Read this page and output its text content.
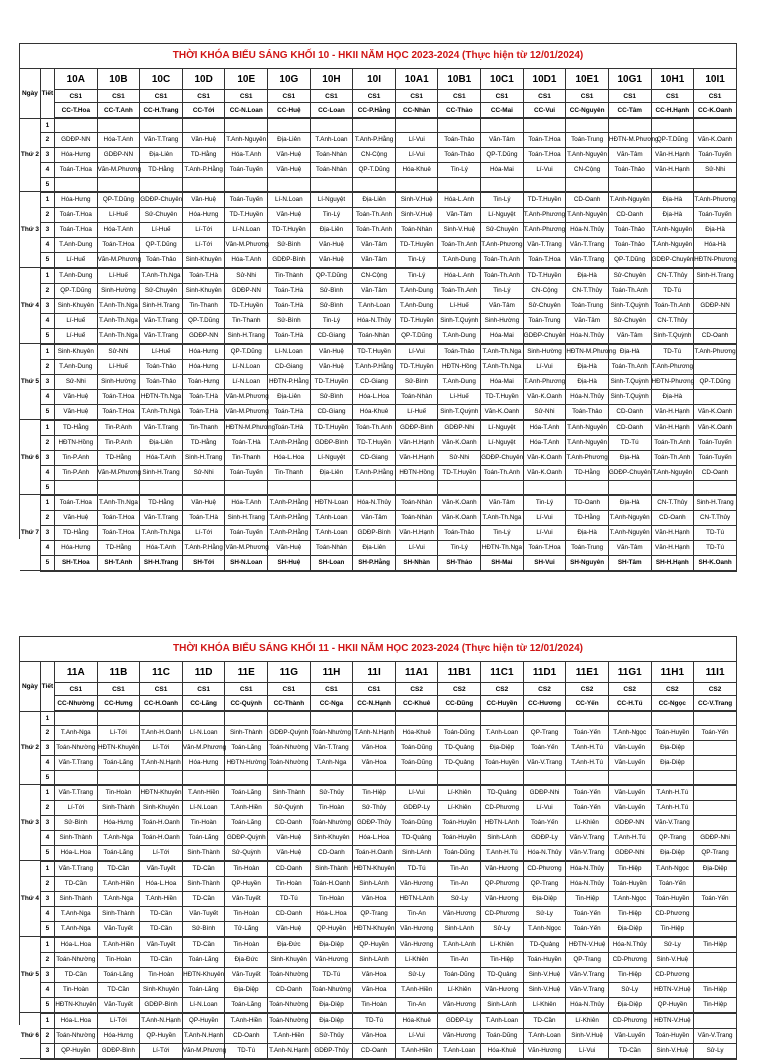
THỜI KHÓA BIỂU SÁNG KHỐI 10 - HKII NĂM HỌC 2023-2024 (Thực hiện từ 12/01/2024)
Ngày	Tiết	10A	10B	10C	10D	10E	10G	10H	10I	10A1	10B1	10C1	10D1	10E1	10G1	10H1	10I1
		CS1	CS1	CS1	CS1	CS1	CS1	CS1	CS1	CS1	CS1	CS1	CS1	CS1	CS1	CS1	CS1
		CC-T.Hoa	CC-T.Anh	CC-H.Trang	CC-Tới	CC-N.Loan	CC-Huệ	CC-Loan	CC-P.Hằng	CC-Nhàn	CC-Thảo	CC-Mai	CC-Vui	CC-Nguyên	CC-Tâm	CC-H.Hạnh	CC-K.Oanh
Thứ 2	1																
	2	GDĐP-NN	Hóa-T.Anh	Văn-T.Trang	Văn-Huệ	T.Anh-Nguyên	Địa-Liên	T.Anh-Loan	T.Anh-P.Hằng	Lí-Vui	Toán-Thảo	Văn-Tâm	Toán-T.Hoa	Toán-Trung	HĐTN-M.Phương	QP-T.Dũng	Văn-K.Oanh
	3	Hóa-Hưng	GDĐP-NN	Địa-Liên	TD-Hằng	Hóa-T.Anh	Văn-Huệ	Toán-Nhàn	CN-Cộng	Lí-Vui	Toán-Thảo	QP-T.Dũng	Toán-T.Hoa	T.Anh-Nguyên	Văn-Tâm	Văn-H.Hạnh	Toán-Tuyến
	4	Toán-T.Hoa	Văn-M.Phương	TD-Hằng	T.Anh-P.Hằng	Toán-Tuyến	Văn-Huệ	Toán-Nhàn	QP-T.Dũng	Hóa-Khuê	Tin-Lý	Hóa-Mai	Lí-Vui	CN-Cộng	Toán-Thảo	Văn-H.Hạnh	Sử-Nhi
	5																
Thứ 3	1	Hóa-Hưng	QP-T.Dũng	GDĐP-Chuyên	Văn-Huệ	Toán-Tuyến	Lí-N.Loan	Lí-Nguyệt	Địa-Liên	Sinh-V.Huệ	Hóa-L.Anh	Tin-Lý	TD-T.Huyền	CD-Oanh	T.Anh-Nguyên	Địa-Hà	T.Anh-Phương
	2	Toán-T.Hoa	Lí-Huế	Sử-Chuyên	Hóa-Hưng	TD-T.Huyền	Văn-Huệ	Tin-Lý	Toán-Th.Anh	Sinh-V.Huệ	Văn-Tâm	Lí-Nguyệt	T.Anh-Phương	T.Anh-Nguyên	CD-Oanh	Địa-Hà	Toán-Tuyến
	3	Toán-T.Hoa	Hóa-T.Anh	Lí-Huế	Lí-Tới	Lí-N.Loan	TD-T.Huyền	Địa-Liên	Toán-Th.Anh	Toán-Nhàn	Sinh-V.Huệ	Sử-Chuyên	T.Anh-Phương	Hóa-N.Thủy	Toán-Thảo	T.Anh-Nguyên	Địa-Hà
	4	T.Anh-Dung	Toán-T.Hoa	QP-T.Dũng	Lí-Tới	Văn-M.Phương	Sử-Bình	Văn-Huệ	Văn-Tâm	TD-T.Huyền	Toán-Th.Anh	T.Anh-Phương	Văn-T.Trang	Văn-T.Trang	Toán-Thảo	T.Anh-Nguyên	Hóa-Hà
	5	Lí-Huế	Văn-M.Phương	Toán-Thảo	Sinh-Khuyên	Hóa-T.Anh	GDĐP-Bình	Văn-Huệ	Văn-Tâm	Tin-Lý	T.Anh-Dung	Toán-Th.Anh	Toán-T.Hoa	Văn-T.Trang	QP-T.Dũng	GDĐP-Chuyên	HĐTN-Phương
Thứ 4	1	T.Anh-Dung	Lí-Huế	T.Anh-Th.Nga	Toán-T.Hà	Sử-Nhi	Tin-Thành	QP-T.Dũng	CN-Cộng	Tin-Lý	Hóa-L.Anh	Toán-Th.Anh	TD-T.Huyền	Địa-Hà	Sử-Chuyên	CN-T.Thủy	Sinh-H.Trang
	2	QP-T.Dũng	Sinh-Hường	Sử-Chuyên	Sinh-Khuyên	GDĐP-NN	Toán-T.Hà	Sử-Bình	Văn-Tâm	T.Anh-Dung	Toán-Th.Anh	Tin-Lý	CN-Cộng	CN-T.Thủy	Toán-Th.Anh	TD-Tú	
	3	Sinh-Khuyên	T.Anh-Th.Nga	Sinh-H.Trang	Tin-Thanh	TD-T.Huyền	Toán-T.Hà	Sử-Bình	T.Anh-Loan	T.Anh-Dung	Lí-Huế	Văn-Tâm	Sử-Chuyên	Toán-Trung	Sinh-T.Quỳnh	Toán-Th.Anh	GDĐP-NN
	4	Lí-Huế	T.Anh-Th.Nga	Văn-T.Trang	QP-T.Dũng	Tin-Thanh	Sử-Bình	Tin-Lý	Hóa-N.Thủy	TD-T.Huyền	Sinh-T.Quỳnh	Sinh-Hường	Toán-Trung	Văn-Tâm	Sử-Chuyên	CN-T.Thủy	
	5	Lí-Huế	T.Anh-Th.Nga	Văn-T.Trang	GDĐP-NN	Sinh-H.Trang	Toán-T.Hà	CD-Giang	Toán-Nhàn	QP-T.Dũng	T.Anh-Dung	Hóa-Mai	GDĐP-Chuyên	Hóa-N.Thủy	Văn-Tâm	Sinh-T.Quỳnh	CD-Oanh
Thứ 5	1	Sinh-Khuyên	Sử-Nhi	Lí-Huế	Hóa-Hưng	QP-T.Dũng	Lí-N.Loan	Văn-Huệ	TD-T.Huyền	Lí-Vui	Toán-Thảo	T.Anh-Th.Nga	Sinh-Hường	HĐTN-M.Phương	Địa-Hà	TD-Tú	T.Anh-Phương
	2	T.Anh-Dung	Lí-Huế	Toán-Thảo	Hóa-Hưng	Lí-N.Loan	CD-Giang	Văn-Huệ	T.Anh-P.Hằng	TD-T.Huyền	HĐTN-Hồng	T.Anh-Th.Nga	Lí-Vui	Địa-Hà	Toán-Th.Anh	T.Anh-Phương	
	3	Sử-Nhi	Sinh-Hường	Toán-Thảo	Toán-Hưng	Lí-N.Loan	HĐTN-P.Hằng	TD-T.Huyền	CD-Giang	Sử-Bình	T.Anh-Dung	Hóa-Mai	T.Anh-Phương	Địa-Hà	Sinh-T.Quỳnh	HĐTN-Phương	QP-T.Dũng
	4	Văn-Huệ	Toán-T.Hoa	HĐTN-Th.Nga	Toán-T.Hà	Văn-M.Phương	Địa-Liên	Sử-Bình	Hóa-L.Hoa	Toán-Nhàn	Lí-Huế	TD-T.Huyền	Văn-K.Oanh	Hóa-N.Thủy	Sinh-T.Quỳnh	Địa-Hà	
	5	Văn-Huệ	Toán-T.Hoa	T.Anh-Th.Ngà	Toán-T.Hà	Văn-M.Phương	Toán-T.Hà	CD-Giang	Hóa-Khuê	Lí-Huế	Sinh-T.Quỳnh	Văn-K.Oanh	Sử-Nhi	Toán-Thảo	CD-Oanh	Văn-H.Hạnh	Văn-K.Oanh
Thứ 6	1	TD-Hằng	Tin-P.Anh	Văn-T.Trang	Tin-Thanh	HĐTN-M.Phương	Toán-T.Hà	TD-T.Huyền	Toán-Th.Anh	GDĐP-Bình	GDĐP-Nhi	Lí-Nguyệt	Hóa-T.Anh	T.Anh-Nguyên	CD-Oanh	Văn-H.Hạnh	Văn-K.Oanh
	2	HĐTN-Hồng	Tin-P.Anh	Địa-Liên	TD-Hằng	Toán-T.Hà	T.Anh-P.Hằng	GDĐP-Bình	TD-T.Huyền	Văn-H.Hạnh	Văn-K.Oanh	Lí-Nguyệt	Hóa-T.Anh	T.Anh-Nguyên	TD-Tú	Toán-Th.Anh	Toán-Tuyến
	3	Tin-P.Anh	TD-Hằng	Hóa-T.Anh	Sinh-H.Trang	Tin-Thanh	Hóa-L.Hoa	Lí-Nguyệt	CD-Giang	Văn-H.Hạnh	Sử-Nhi	GDĐP-Chuyên	Văn-K.Oanh	T.Anh-Phương	Địa-Hà	Toán-Th.Anh	Toán-Tuyến
	4	Tin-P.Anh	Văn-M.Phương	Sinh-H.Trang	Sử-Nhi	Toán-Tuyến	Tin-Thanh	Địa-Liên	T.Anh-P.Hằng	HĐTN-Hồng	TD-T.Huyền	Toán-Th.Anh	Văn-K.Oanh	TD-Hằng	GDĐP-Chuyên	T.Anh-Nguyên	CD-Oanh
	5																
Thứ 7	1	Toán-T.Hoa	T.Anh-Th.Nga	TD-Hằng	Văn-Huệ	Hóa-T.Anh	T.Anh-P.Hằng	HĐTN-Loan	Hóa-N.Thủy	Toán-Nhàn	Văn-K.Oanh	Văn-Tâm	Tin-Lý	TD-Oanh	Địa-Hà	CN-T.Thủy	Sinh-H.Trang
	2	Văn-Huệ	Toán-T.Hoa	Văn-T.Trang	Toán-T.Hà	Sinh-H.Trang	T.Anh-P.Hằng	T.Anh-Loan	Văn-Tâm	Toán-Nhàn	Văn-K.Oanh	T.Anh-Th.Nga	Lí-Vui	TD-Hằng	T.Anh-Nguyên	CD-Oanh	CN-T.Thủy
	3	TD-Hằng	Toán-T.Hoa	T.Anh-Th.Nga	Lí-Tới	Toán-Tuyến	T.Anh-P.Hằng	T.Anh-Loan	GDĐP-Bình	Văn-H.Hạnh	Toán-Thảo	Tin-Lý	Lí-Vui	Địa-Hà	T.Anh-Nguyên	Văn-H.Hạnh	TD-Tú
	4	Hóa-Hưng	TD-Hằng	Hóa-T.Anh	T.Anh-P.Hằng	Văn-M.Phương	Văn-Huệ	Toán-Nhàn	Địa-Liên	Lí-Vui	Tin-Lý	HĐTN-Th.Nga	Toán-T.Hoa	Toán-Trung	Văn-Tâm	Văn-H.Hạnh	TD-Tú
	5	SH-T.Hoa	SH-T.Anh	SH-H.Trang	SH-Tới	SH-N.Loan	SH-Huệ	SH-Loan	SH-P.Hằng	SH-Nhàn	SH-Thảo	SH-Mai	SH-Vui	SH-Nguyên	SH-Tâm	SH-H.Hạnh	SH-K.Oanh
THỜI KHÓA BIỂU SÁNG KHỐI 11 - HKII NĂM HỌC 2023-2024 (Thực hiện từ 12/01/2024)
Ngày	Tiết	11A	11B	11C	11D	11E	11G	11H	11I	11A1	11B1	11C1	11D1	11E1	11G1	11H1	11I1
		CS1	CS1	CS1	CS1	CS1	CS1	CS1	CS1	CS2	CS2	CS2	CS2	CS2	CS2	CS2	CS2
		CC-Nhường	CC-Hưng	CC-H.Oanh	CC-Lãng	CC-Quỳnh	CC-Thành	CC-Nga	CC-N.Hạnh	CC-Khuê	CC-Dũng	CC-Huyền	CC-Hương	CC-Yến	CC-H.Tú	CC-Ngọc	CC-V.Trang
Thứ 2	1																
	2	T.Anh-Nga	Lí-Tới	T.Anh-H.Oanh	Lí-N.Loan	Sinh-Thành	GDĐP-Quỳnh	Toán-Nhường	T.Anh-N.Hạnh	Hóa-Khuê	Toán-Dũng	T.Anh-Loan	QP-Trang	Toán-Yến	T.Anh-Ngọc	Toán-Huyền	Toán-Yến
	3	Toán-Nhường	HĐTN-Khuyên	Lí-Tới	Văn-M.Phương	Toán-Lãng	Toán-Nhường	Văn-T.Trang	Văn-Hoa	Toán-Dũng	TD-Quảng	Địa-Diệp	Toán-Yến	T.Anh-H.Tú	Văn-Luyến	Địa-Diệp	
	4	Văn-T.Trang	Toán-Lãng	T.Anh-N.Hạnh	Hóa-Hưng	HĐTN-Hường	Toán-Nhường	T.Anh-Nga	Văn-Hoa	Toán-Dũng	TD-Quảng	Toán-Huyền	Văn-V.Trang	T.Anh-H.Tú	Văn-Luyến	Địa-Diệp	
	5																
Thứ 3	1	Văn-T.Trang	Tin-Hoàn	HĐTN-Khuyên	T.Anh-Hiền	Toán-Lãng	Sinh-Thành	Sử-Thủy	Tin-Hiệp	Lí-Vui	Lí-Khiên	TD-Quảng	GDĐP-Nhi	Toán-Yến	Văn-Luyến	T.Anh-H.Tú	
	2	Lí-Tới	Sinh-Thành	Sinh-Khuyên	Lí-N.Loan	T.Anh-Hiền	Sử-Quỳnh	Tin-Hoàn	Sử-Thủy	GDĐP-Ly	Lí-Khiên	CD-Phương	Lí-Vui	Toán-Yến	Văn-Luyến	T.Anh-H.Tú	
	3	Sử-Bình	Hóa-Hưng	Toán-H.Oanh	Tin-Hoàn	Toán-Lãng	CD-Oanh	Toán-Nhường	GDĐP-Thủy	Toán-Dũng	Toán-Huyền	HĐTN-LAnh	Toán-Yến	Lí-Khiên	GDĐP-NN	Văn-V.Trang	
	4	Sinh-Thành	T.Anh-Nga	Toán-H.Oanh	Toán-Lãng	GDĐP-Quỳnh	Văn-Huệ	Sinh-Khuyên	Hóa-L.Hoa	TD-Quảng	Toán-Huyền	Sinh-LAnh	GDĐP-Ly	Văn-V.Trang	T.Anh-H.Tú	QP-Trang	GDĐP-Nhi
	5	Hóa-L.Hoa	Toán-Lãng	Lí-Tới	Sinh-Thành	Sử-Quỳnh	Văn-Huệ	CD-Oanh	Toán-H.Oanh	Sinh-LAnh	Toán-Dũng	T.Anh-H.Tú	Hóa-N.Thủy	Văn-V.Trang	GDĐP-Nhi	Địa-Diệp	QP-Trang
Thứ 4	1	Văn-T.Trang	TD-Cần	Văn-Tuyết	TD-Cần	Tin-Hoàn	CD-Oanh	Sinh-Thành	HĐTN-Khuyên	TD-Tú	Tin-An	Văn-Hương	CD-Phương	Hóa-N.Thủy	Tin-Hiệp	T.Anh-Ngọc	Địa-Diệp
	2	TD-Cần	T.Anh-Hiền	Hóa-L.Hoa	Sinh-Thành	QP-Huyền	Tin-Hoàn	Toán-H.Oanh	Sinh-LAnh	Văn-Hương	Tin-An	QP-Phương	QP-Trang	Hóa-N.Thủy	Toán-Huyền	Toán-Yến	
	3	Sinh-Thành	T.Anh-Nga	T.Anh-Hiền	TD-Cần	Văn-Tuyết	TD-Tú	Tin-Hoàn	Văn-Hoa	HĐTN-LAnh	Sử-Ly	Văn-Hương	Địa-Diệp	Tin-Hiệp	T.Anh-Ngọc	Toán-Huyền	Toán-Yến
	4	T.Anh-Nga	Sinh-Thành	TD-Cần	Văn-Tuyết	Tin-Hoàn	CD-Oanh	Hóa-L.Hoa	QP-Trang	Tin-An	Văn-Hương	CD-Phương	Sử-Ly	Toán-Yến	Tin-Hiệp	CD-Phương	
	5	T.Anh-Nga	Văn-Tuyết	TD-Cần	Sử-Bình	Tử-Lãng	Văn-Huệ	QP-Huyền	HĐTN-Khuyên	Văn-Hương	Sinh-LAnh	Sử-Ly	T.Anh-Ngọc	Toán-Yến	Địa-Diệp	Tin-Hiệp	
Thứ 5	1	Hóa-L.Hoa	T.Anh-Hiền	Văn-Tuyết	TD-Cần	Tin-Hoàn	Địa-Đức	Địa-Diệp	QP-Huyền	Văn-Hương	T.Anh-LAnh	Lí-Khiên	TD-Quảng	HĐTN-V.Huệ	Hóa-N.Thủy	Sử-Ly	Tin-Hiệp
	2	Toán-Nhường	Tin-Hoàn	TD-Cần	Toán-Lãng	Địa-Đức	Sinh-Khuyên	Văn-Hương	Sinh-LAnh	Lí-Khiên	Tin-An	Tin-Hiệp	Toán-Huyền	QP-Trang	CD-Phương	Sinh-V.Huệ	
	3	TD-Cần	Toán-Lãng	Tin-Hoàn	HĐTN-Khuyên	Văn-Tuyết	Toán-Nhường	TD-Tú	Văn-Hoa	Sử-Ly	Toán-Dũng	TD-Quảng	Sinh-V.Huệ	Văn-V.Trang	Tin-Hiệp	CD-Phương	
	4	Tin-Hoàn	TD-Cần	Sinh-Khuyên	Toán-Lãng	Địa-Diệp	CD-Oanh	Toán-Nhường	Văn-Hoa	T.Anh-Hiền	Lí-Khiên	Văn-Hương	Sinh-V.Huệ	Văn-V.Trang	Sử-Ly	HĐTN-V.Huệ	Tin-Hiệp
	5	HĐTN-Khuyên	Văn-Tuyết	GDĐP-Bình	Lí-N.Loan	Toán-Lãng	Toán-Nhường	Địa-Diệp	Tin-Hoàn	Tin-An	Văn-Hương	Sinh-LAnh	Lí-Khiên	Hóa-N.Thủy	Địa-Diệp	QP-Huyền	Tin-Hiệp
Thứ 6	1	Hóa-L.Hoa	Lí-Tới	T.Anh-N.Hạnh	QP-Huyền	T.Anh-Hiền	Toán-Nhường	Địa-Diệp	TD-Tú	Hóa-Khuê	GDĐP-Ly	T.Anh-Loan	TD-Cần	Lí-Khiên	CD-Phương	HĐTN-V.Huệ	
	2	Toán-Nhường	Hóa-Hưng	QP-Huyền	T.Anh-N.Hạnh	CD-Oanh	T.Anh-Hiền	Sử-Thủy	Văn-Hoa	Lí-Vui	Văn-Hương	Toán-Dũng	T.Anh-Loan	Sinh-V.Huệ	Văn-Luyến	Toán-Huyền	Văn-V.Trang
	3	QP-Huyền	GDĐP-Bình	Lí-Tới	Văn-M.Phương	TD-Tú	T.Anh-N.Hạnh	GDĐP-Thủy	CD-Oanh	T.Anh-Hiền	T.Anh-Loan	Hóa-Khuê	Văn-Hương	Lí-Vui	TD-Cần	Sinh-V.Huệ	Sử-Ly
